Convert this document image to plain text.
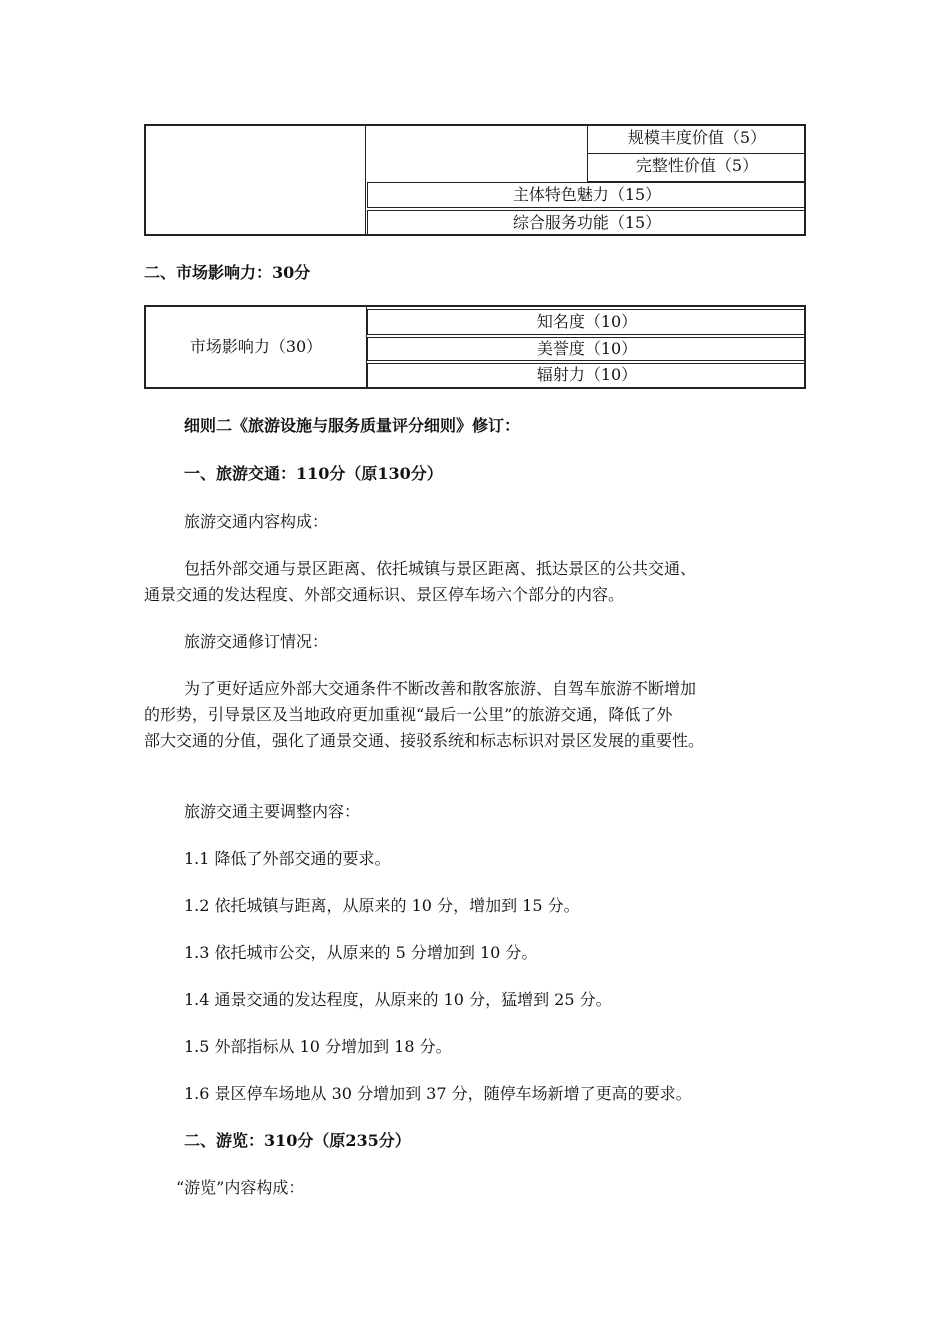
规模丰度价值（5）
完整性价值（5）
主体特色魅力（15）
综合服务功能（15）
二、市场影响力：30分
市场影响力（30）
知名度（10）
美誉度（10）
辐射力（10）
细则二《旅游设施与服务质量评分细则》修订：
一、旅游交通：110分（原130分）
旅游交通内容构成：
包括外部交通与景区距离、依托城镇与景区距离、抵达景区的公共交通、
通景交通的发达程度、外部交通标识、景区停车场六个部分的内容。
旅游交通修订情况：
为了更好适应外部大交通条件不断改善和散客旅游、自驾车旅游不断增加
的形势，引导景区及当地政府更加重视“最后一公里”的旅游交通，降低了外
部大交通的分值，强化了通景交通、接驳系统和标志标识对景区发展的重要性。
旅游交通主要调整内容：
1.1 降低了外部交通的要求。
1.2 依托城镇与距离，从原来的 10 分，增加到 15 分。
1.3 依托城市公交，从原来的 5 分增加到 10 分。
1.4 通景交通的发达程度，从原来的 10 分，猛增到 25 分。
1.5 外部指标从 10 分增加到 18 分。
1.6 景区停车场地从 30 分增加到 37 分，随停车场新增了更高的要求。
二、游览：310分（原235分）
“游览”内容构成：
